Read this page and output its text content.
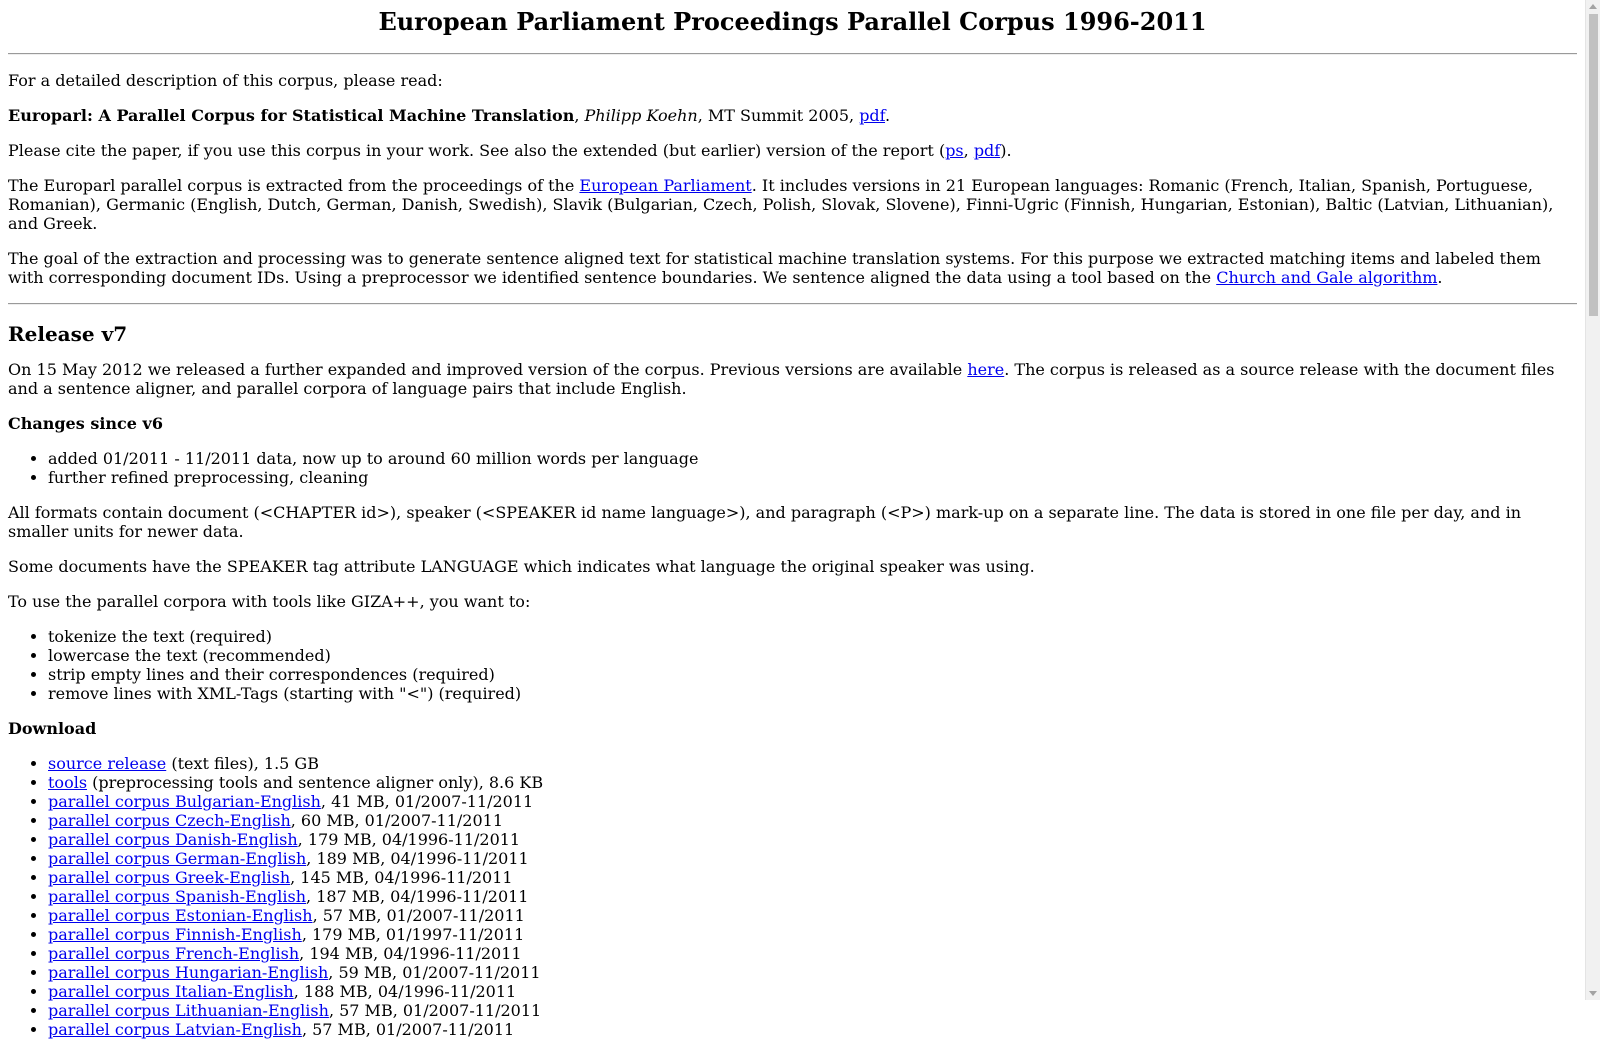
European Parliament Proceedings Parallel Corpus 1996-2011

For a detailed description of this corpus, please read:

Europarl: A Parallel Corpus for Statistical Machine Translation, Philipp Koehn, MT Summit 2005, pdf.

Please cite the paper, if you use this corpus in your work. See also the extended (but earlier) version of the report (ps, pdf).

The Europarl parallel corpus is extracted from the proceedings of the European Parliament. It includes versions in 21 European languages: Romanic (French, Italian, Spanish, Portuguese, Romanian), Germanic (English, Dutch, German, Danish, Swedish), Slavik (Bulgarian, Czech, Polish, Slovak, Slovene), Finni-Ugric (Finnish, Hungarian, Estonian), Baltic (Latvian, Lithuanian), and Greek.

The goal of the extraction and processing was to generate sentence aligned text for statistical machine translation systems. For this purpose we extracted matching items and labeled them with corresponding document IDs. Using a preprocessor we identified sentence boundaries. We sentence aligned the data using a tool based on the Church and Gale algorithm.

Release v7

On 15 May 2012 we released a further expanded and improved version of the corpus. Previous versions are available here. The corpus is released as a source release with the document files and a sentence aligner, and parallel corpora of language pairs that include English.

Changes since v6
• added 01/2011 - 11/2011 data, now up to around 60 million words per language
• further refined preprocessing, cleaning

All formats contain document (<CHAPTER id>), speaker (<SPEAKER id name language>), and paragraph (<P>) mark-up on a separate line. The data is stored in one file per day, and in smaller units for newer data.

Some documents have the SPEAKER tag attribute LANGUAGE which indicates what language the original speaker was using.

To use the parallel corpora with tools like GIZA++, you want to:

• tokenize the text (required)
• lowercase the text (recommended)
• strip empty lines and their correspondences (required)
• remove lines with XML-Tags (starting with "<") (required)
Download
• source release (text files), 1.5 GB
• tools (preprocessing tools and sentence aligner only), 8.6 KB
• parallel corpus Bulgarian-English, 41 MB, 01/2007-11/2011
• parallel corpus Czech-English, 60 MB, 01/2007-11/2011
• parallel corpus Danish-English, 179 MB, 04/1996-11/2011
• parallel corpus German-English, 189 MB, 04/1996-11/2011
• parallel corpus Greek-English, 145 MB, 04/1996-11/2011
• parallel corpus Spanish-English, 187 MB, 04/1996-11/2011
• parallel corpus Estonian-English, 57 MB, 01/2007-11/2011
• parallel corpus Finnish-English, 179 MB, 01/1997-11/2011
• parallel corpus French-English, 194 MB, 04/1996-11/2011
• parallel corpus Hungarian-English, 59 MB, 01/2007-11/2011
• parallel corpus Italian-English, 188 MB, 04/1996-11/2011
• parallel corpus Lithuanian-English, 57 MB, 01/2007-11/2011
• parallel corpus Latvian-English, 57 MB, 01/2007-11/2011
